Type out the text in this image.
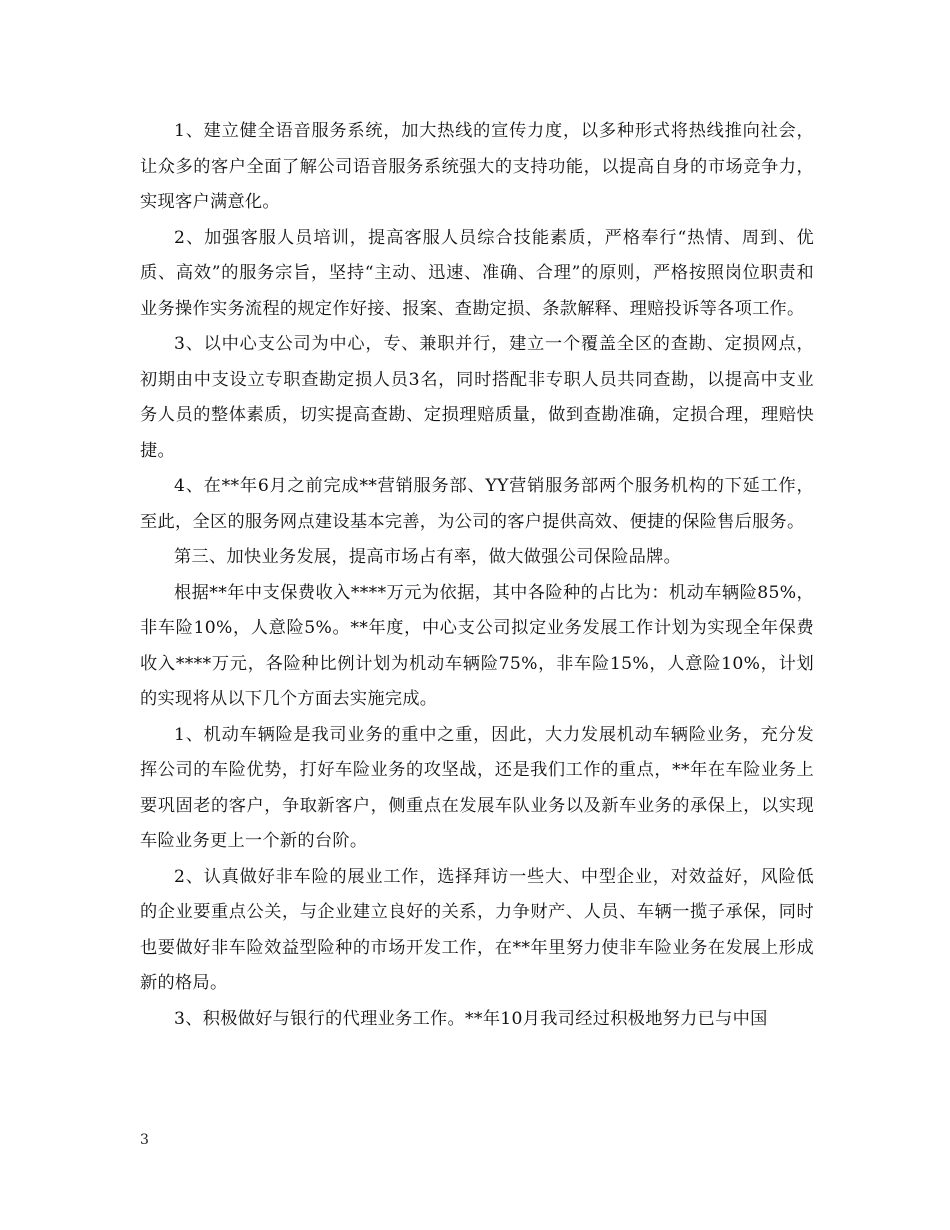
1、建立健全语音服务系统，加大热线的宣传力度，以多种形式将热线推向社会，让众多的客户全面了解公司语音服务系统强大的支持功能，以提高自身的市场竞争力，实现客户满意化。

2、加强客服人员培训，提高客服人员综合技能素质，严格奉行“热情、周到、优质、高效”的服务宗旨，坚持“主动、迅速、准确、合理”的原则，严格按照岗位职责和业务操作实务流程的规定作好接、报案、查勘定损、条款解释、理赔投诉等各项工作。

3、以中心支公司为中心，专、兼职并行，建立一个覆盖全区的查勘、定损网点，初期由中支设立专职查勘定损人员3名，同时搭配非专职人员共同查勘，以提高中支业务人员的整体素质，切实提高查勘、定损理赔质量，做到查勘准确，定损合理，理赔快捷。

4、在**年6月之前完成**营销服务部、YY营销服务部两个服务机构的下延工作，至此，全区的服务网点建设基本完善，为公司的客户提供高效、便捷的保险售后服务。

第三、加快业务发展，提高市场占有率，做大做强公司保险品牌。

根据**年中支保费收入****万元为依据，其中各险种的占比为：机动车辆险85%，非车险10%，人意险5%。**年度，中心支公司拟定业务发展工作计划为实现全年保费收入****万元，各险种比例计划为机动车辆险75%，非车险15%，人意险10%，计划的实现将从以下几个方面去实施完成。

1、机动车辆险是我司业务的重中之重，因此，大力发展机动车辆险业务，充分发挥公司的车险优势，打好车险业务的攻坚战，还是我们工作的重点，**年在车险业务上要巩固老的客户，争取新客户，侧重点在发展车队业务以及新车业务的承保上，以实现车险业务更上一个新的台阶。

2、认真做好非车险的展业工作，选择拜访一些大、中型企业，对效益好，风险低的企业要重点公关，与企业建立良好的关系，力争财产、人员、车辆一揽子承保，同时也要做好非车险效益型险种的市场开发工作，在**年里努力使非车险业务在发展上形成新的格局。

3、积极做好与银行的代理业务工作。**年10月我司经过积极地努力已与中国

3
